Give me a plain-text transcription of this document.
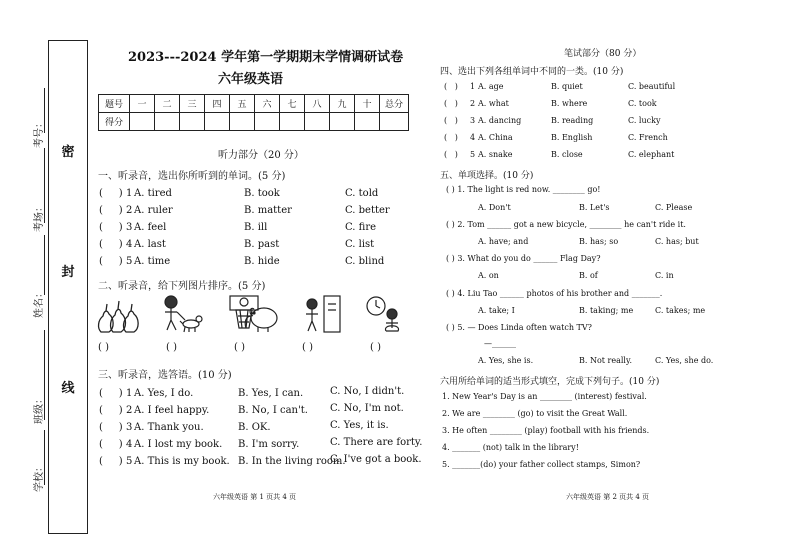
考号：
考场：
姓名：
班级：
学校：
密
封
线
2023---2024 学年第一学期期末学情调研试卷
六年级英语
题号	一	二	三	四	五	六	七	八	九	十	总分
得分											
听力部分（20 分）
一、听录音，选出你所听到的单词。(5 分)
(     ) 1 A. tired	B. took	C. told
(     ) 2 A. ruler	B. matter	C. better
(     ) 3 A. feel	B. ill	C. fire
(     ) 4 A. last	B. past	C. list
(     ) 5 A. time	B. hide	C. blind
二、听录音，给下列图片排序。(5 分)
( )	( )	( )	( )	( )
三、听录音，选答语。(10 分)
(     ) 1 A. Yes, I do.	B. Yes, I can.	C. No, I didn't.
(     ) 2 A. I feel happy.	B. No, I can't. C. No, I'm not.
(     ) 3 A. Thank you.	B. OK.	C. Yes, it is.
(     ) 4 A. I lost my book. B. I'm sorry.	C. There are forty.
(     ) 5 A. This is my book. B. In the living room.
C. I've got a book.
六年级英语 第 1 页共 4 页
笔试部分（80 分）
四、选出下列各组单词中不同的一类。(10 分)
(   ) 1 A. age	B. quiet	C. beautiful
(   ) 2 A. what	B. where	C. took
(   ) 3 A. dancing	B. reading	C. lucky
(   ) 4 A. China	B. English	C. French
(   ) 5 A. snake	B. close	C. elephant
五、单项选择。(10 分)
( ) 1. The light is red now. ________ go!
A. Don't	B. Let's	C. Please
( ) 2. Tom ______ got a new bicycle, ________ he can't ride it.
A. have; and	B. has; so	C. has; but
( ) 3. What do you do ______ Flag Day?
A. on	B. of	C. in
( ) 4. Liu Tao ______ photos of his brother and _______.
A. take; I	B. taking; me	C. takes; me
( ) 5. — Does Linda often watch TV?
—______
A. Yes, she is.	B. Not really.	C. Yes, she do.
六用所给单词的适当形式填空，完成下列句子。(10 分)
1. New Year's Day is an ________ (interest) festival.
2. We are ________ (go) to visit the Great Wall.
3. He often ________ (play) football with his friends.
4. _______ (not) talk in the library!
5. _______(do) your father collect stamps, Simon?
六年级英语 第 2 页共 4 页
